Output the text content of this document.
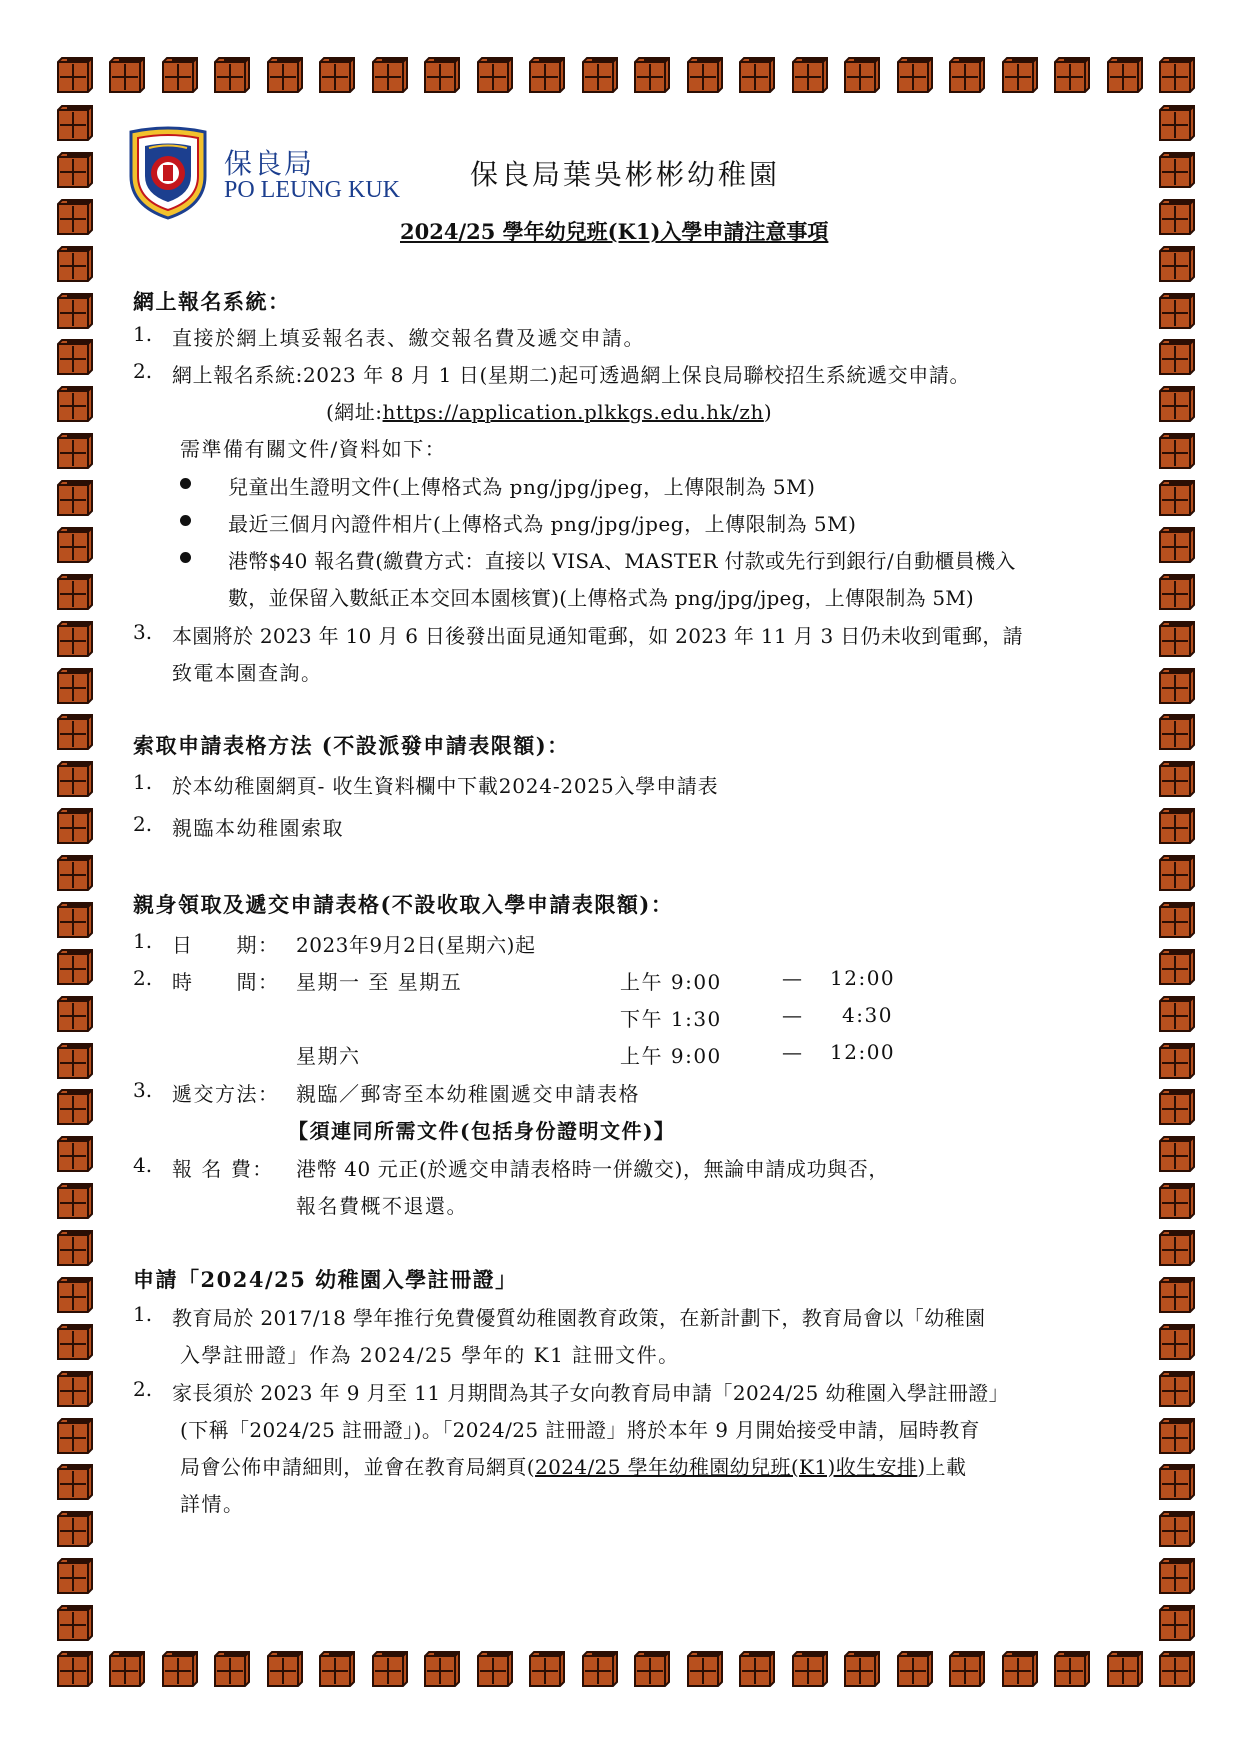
保良局
PO LEUNG KUK	保良局葉吳彬彬幼稚園
2024/25 學年幼兒班(K1)入學申請注意事項
網上報名系統：
1. 直接於網上填妥報名表、繳交報名費及遞交申請。
2. 網上報名系統:2023 年 8 月 1 日(星期二)起可透過網上保良局聯校招生系統遞交申請。
(網址:https://application.plkkgs.edu.hk/zh)
需準備有關文件/資料如下：
兒童出生證明文件(上傳格式為 png/jpg/jpeg，上傳限制為 5M)
最近三個月內證件相片(上傳格式為 png/jpg/jpeg，上傳限制為 5M)
港幣$40 報名費(繳費方式：直接以 VISA、MASTER 付款或先行到銀行/自動櫃員機入
數，並保留入數紙正本交回本園核實)(上傳格式為 png/jpg/jpeg，上傳限制為 5M)
3. 本園將於 2023 年 10 月 6 日後發出面見通知電郵，如 2023 年 11 月 3 日仍未收到電郵，請
致電本園查詢。
索取申請表格方法 (不設派發申請表限額)：
1. 於本幼稚園網頁- 收生資料欄中下載2024-2025入學申請表
2. 親臨本幼稚園索取
親身領取及遞交申請表格(不設收取入學申請表限額)：
1. 日　　期： 2023年9月2日(星期六)起
2. 時　　間： 星期一 至 星期五	上午 9:00	— 12:00
下午 1:30	— 4:30
星期六	上午 9:00	— 12:00
3. 遞交方法： 親臨／郵寄至本幼稚園遞交申請表格
【須連同所需文件(包括身份證明文件)】
4. 報 名 費： 港幣 40 元正(於遞交申請表格時一併繳交)，無論申請成功與否，
報名費概不退還。
申請「2024/25 幼稚園入學註冊證」
1. 教育局於 2017/18 學年推行免費優質幼稚園教育政策，在新計劃下，教育局會以「幼稚園
入學註冊證」作為 2024/25 學年的 K1 註冊文件。
2. 家長須於 2023 年 9 月至 11 月期間為其子女向教育局申請「2024/25 幼稚園入學註冊證」
(下稱「2024/25 註冊證」)。「2024/25 註冊證」將於本年 9 月開始接受申請，屆時教育
局會公佈申請細則，並會在教育局網頁(2024/25 學年幼稚園幼兒班(K1)收生安排)上載
詳情。
